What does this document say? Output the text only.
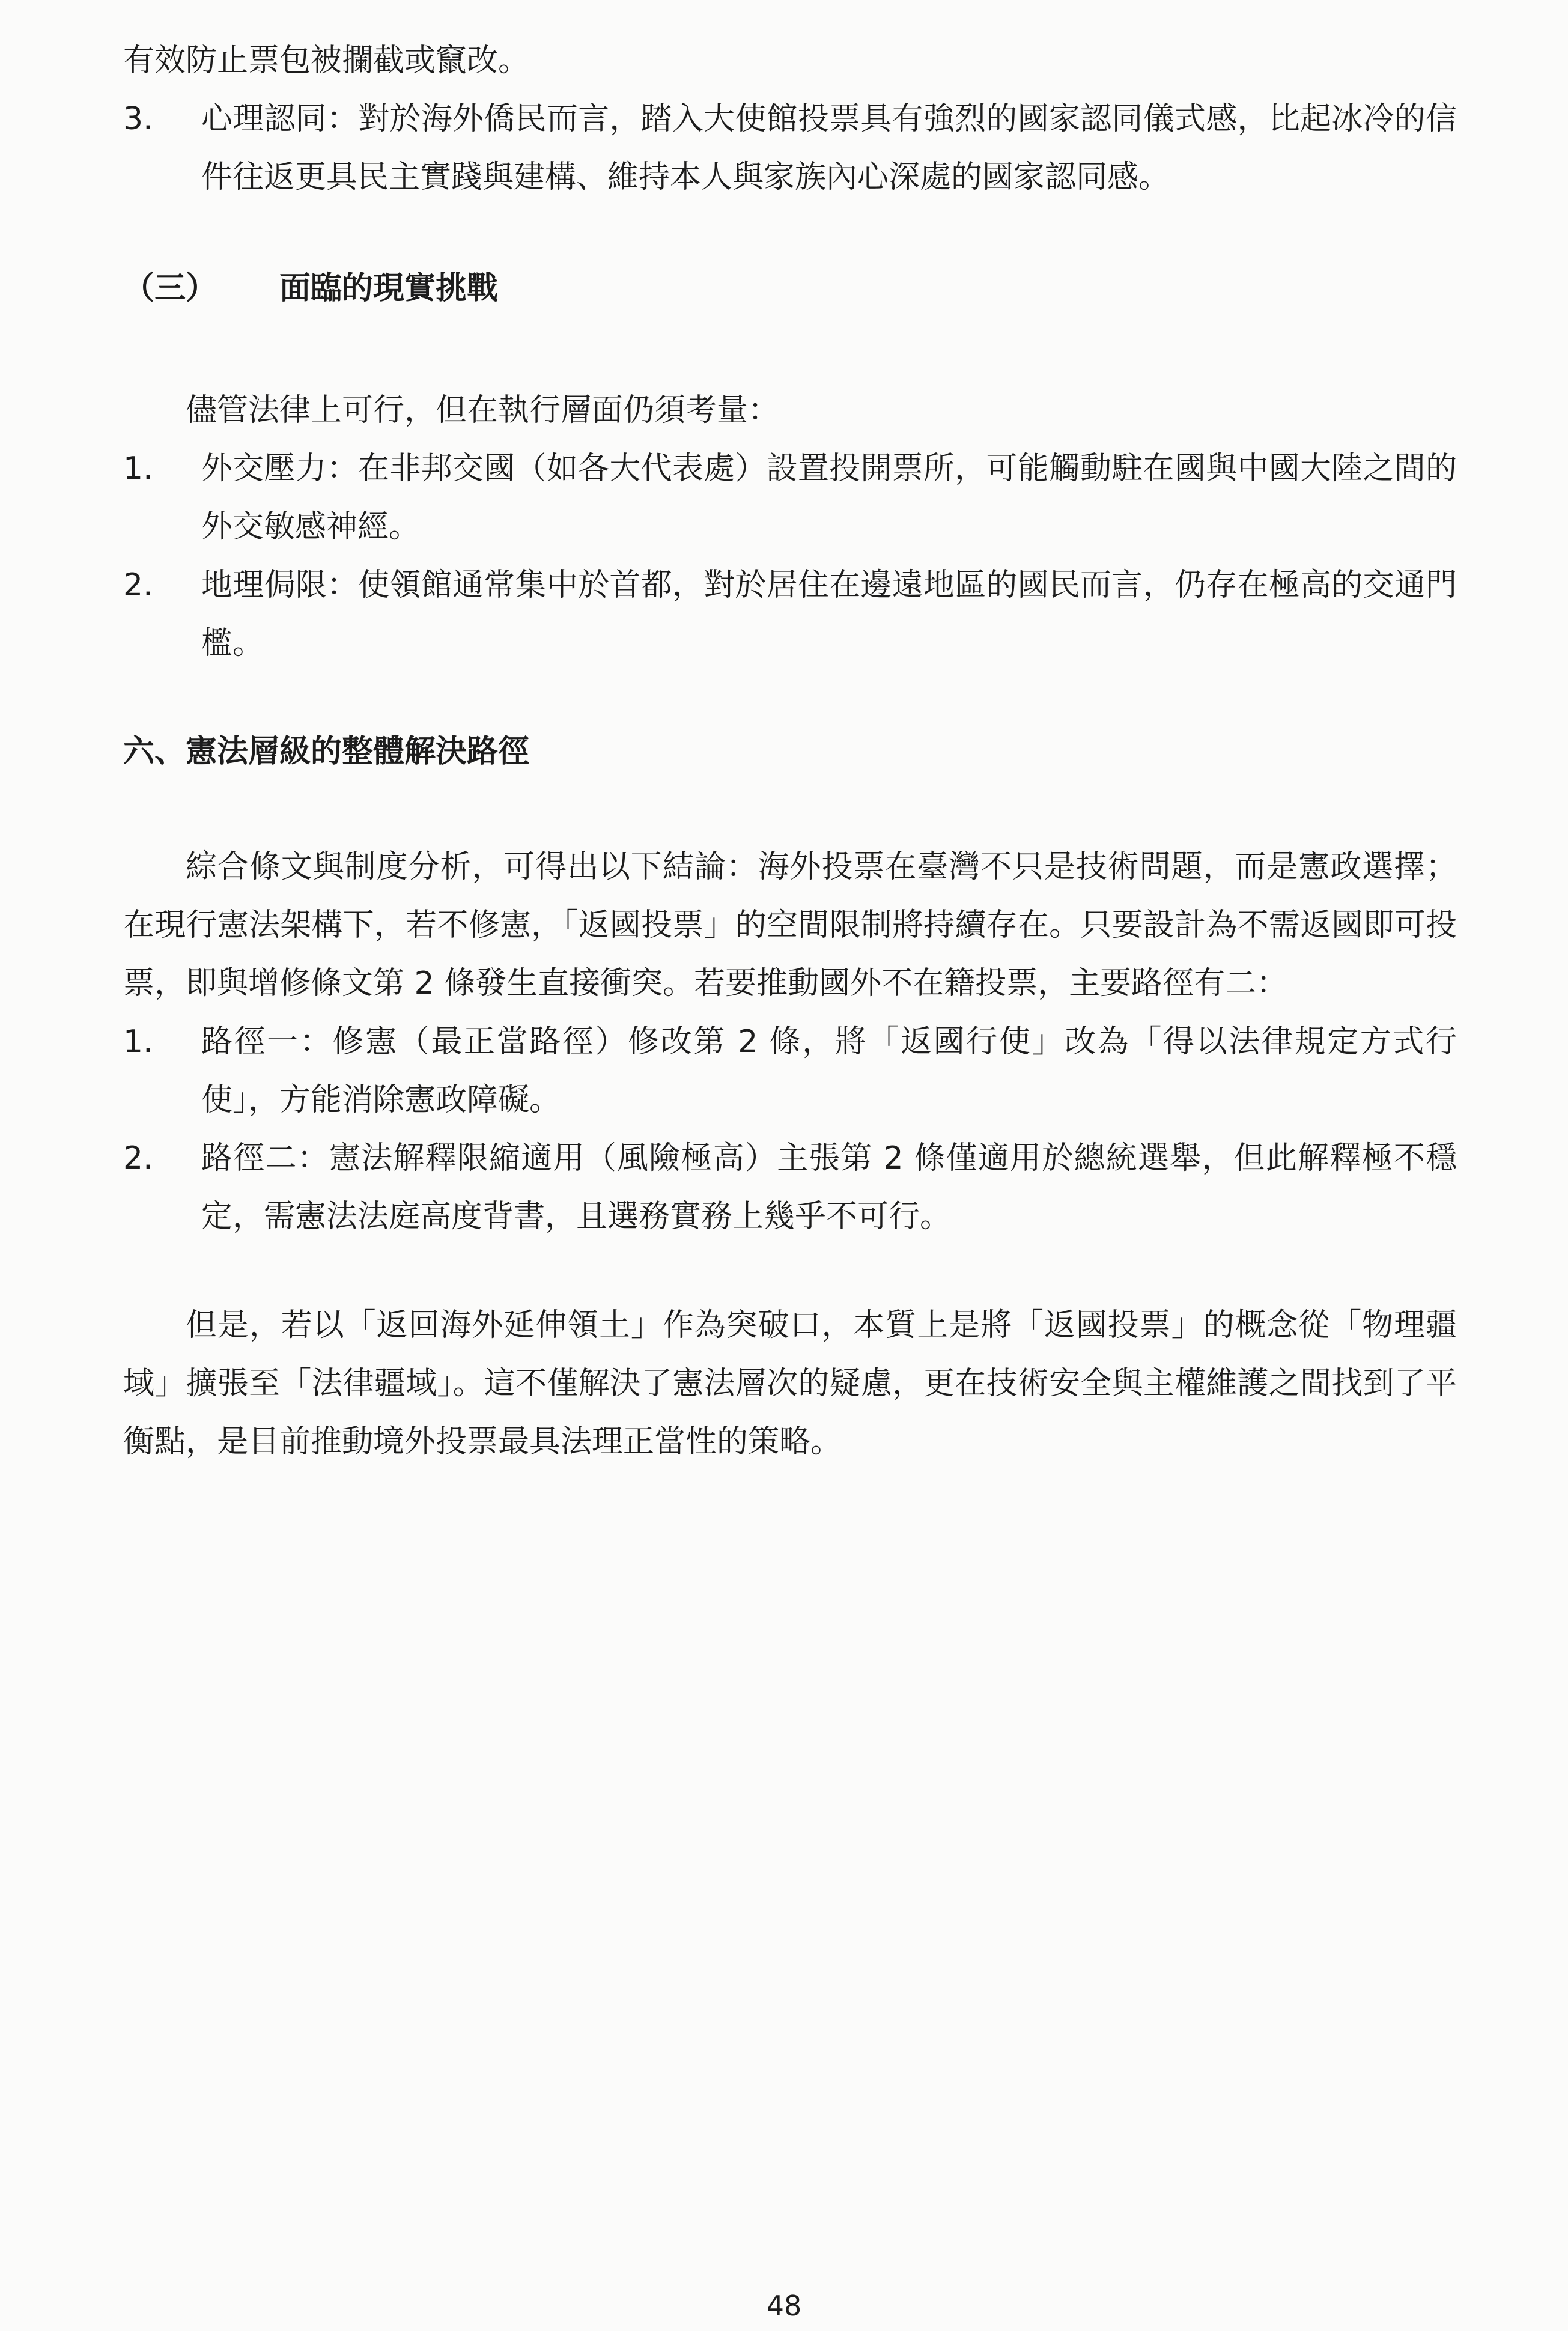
有效防止票包被攔截或竄改。

3.	心理認同：對於海外僑民而言，踏入大使館投票具有強烈的國家認同儀式感，比起冰冷的信件往返更具民主實踐與建構、維持本人與家族內心深處的國家認同感。

（三） 面臨的現實挑戰

儘管法律上可行，但在執行層面仍須考量：

1.	外交壓力：在非邦交國（如各大代表處）設置投開票所，可能觸動駐在國與中國大陸之間的外交敏感神經。
2.	地理侷限：使領館通常集中於首都，對於居住在邊遠地區的國民而言，仍存在極高的交通門檻。

六、憲法層級的整體解決路徑

綜合條文與制度分析，可得出以下結論：海外投票在臺灣不只是技術問題，而是憲政選擇；在現行憲法架構下，若不修憲，「返國投票」的空間限制將持續存在。只要設計為不需返國即可投票，即與增修條文第 2 條發生直接衝突。若要推動國外不在籍投票，主要路徑有二：

1.	路徑一：修憲（最正當路徑）修改第 2 條，將「返國行使」改為「得以法律規定方式行使」，方能消除憲政障礙。
2.	路徑二：憲法解釋限縮適用（風險極高）主張第 2 條僅適用於總統選舉，但此解釋極不穩定，需憲法法庭高度背書，且選務實務上幾乎不可行。

但是，若以「返回海外延伸領土」作為突破口，本質上是將「返國投票」的概念從「物理疆域」擴張至「法律疆域」。這不僅解決了憲法層次的疑慮，更在技術安全與主權維護之間找到了平衡點，是目前推動境外投票最具法理正當性的策略。

48
